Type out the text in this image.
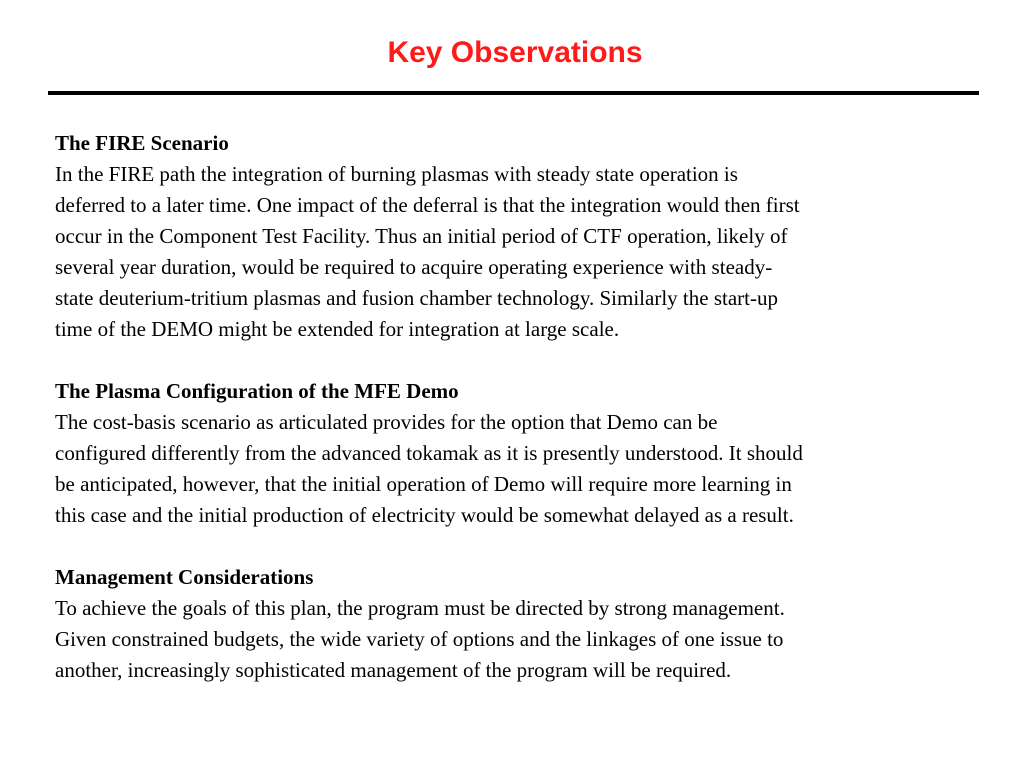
Key Observations
The FIRE Scenario
In the FIRE path the integration of burning plasmas with steady state operation is
deferred to a later time. One impact of the deferral is that the integration would then first
occur in the Component Test Facility. Thus an initial period of CTF operation, likely of
several year duration, would be required to acquire operating experience with steady-
state deuterium-tritium plasmas and fusion chamber technology. Similarly the start-up
time of the DEMO might be extended for integration at large scale.
The Plasma Configuration of the MFE Demo
The cost-basis scenario as articulated provides for the option that Demo can be
configured differently from the advanced tokamak as it is presently understood. It should
be anticipated, however, that the initial operation of Demo will require more learning in
this case and the initial production of electricity would be somewhat delayed as a result.
Management Considerations
To achieve the goals of this plan, the program must be directed by strong management.
Given constrained budgets, the wide variety of options and the linkages of one issue to
another, increasingly sophisticated management of the program will be required.
